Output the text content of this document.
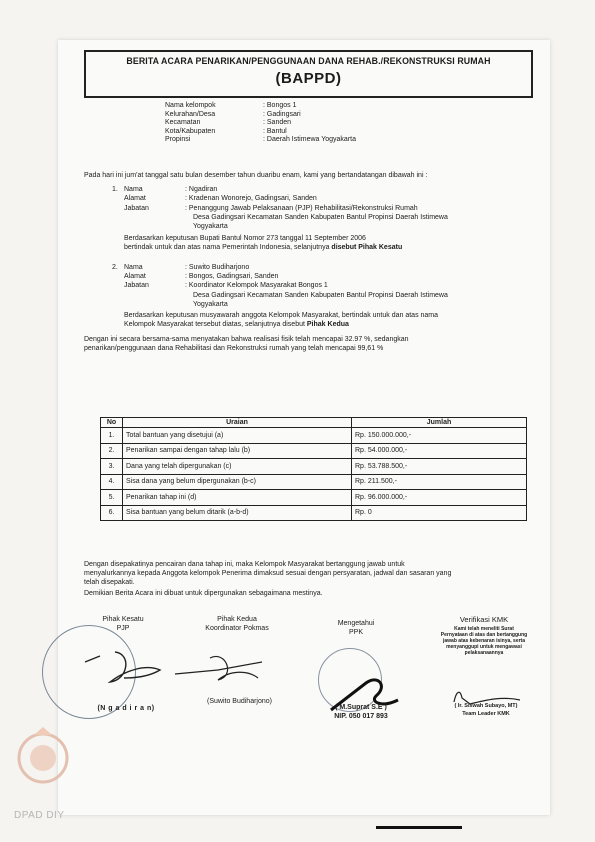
BERITA ACARA PENARIKAN/PENGGUNAAN DANA REHAB./REKONSTRUKSI RUMAH
(BAPPD)
Nama kelompok	: Bongos 1
Kelurahan/Desa	: Gadingsari
Kecamatan	: Sanden
Kota/Kabupaten	: Bantul
Propinsi	: Daerah Istimewa Yogyakarta
Pada hari ini jum'at tanggal satu bulan desember tahun duaribu enam, kami yang bertandatangan dibawah ini :
1. Nama	: Ngadiran
Alamat	: Kradenan Wonorejo, Gadingsari, Sanden
Jabatan	: Penanggung Jawab Pelaksanaan (PJP) Rehabilitasi/Rekonstruksi Rumah
Desa Gadingsari Kecamatan Sanden Kabupaten Bantul Propinsi Daerah Istimewa
Yogyakarta
Berdasarkan keputusan Bupati Bantul Nomor 273 tanggal 11 September 2006
bertindak untuk dan atas nama Pemerintah Indonesia, selanjutnya disebut Pihak Kesatu
2. Nama	: Suwito Budiharjono
Alamat	: Bongos, Gadingsari, Sanden
Jabatan	: Koordinator Kelompok Masyarakat Bongos 1
Desa Gadingsari Kecamatan Sanden Kabupaten Bantul Propinsi Daerah Istimewa
Yogyakarta
Berdasarkan keputusan musyawarah anggota Kelompok Masyarakat, bertindak untuk dan atas nama
Kelompok Masyarakat tersebut diatas, selanjutnya disebut Pihak Kedua
Dengan ini secara bersama-sama menyatakan bahwa realisasi fisik telah mencapai 32.97 %, sedangkan
penarikan/penggunaan dana Rehabilitasi dan Rekonstruksi rumah yang telah mencapai 99,61 %
No	Uraian	Jumlah
1.	Total bantuan yang disetujui (a)	Rp. 150.000.000,-
2.	Penarikan sampai dengan tahap lalu (b)	Rp. 54.000.000,-
3.	Dana yang telah dipergunakan (c)	Rp. 53.788.500,-
4.	Sisa dana yang belum dipergunakan (b-c)	Rp. 211.500,-
5.	Penarikan tahap ini (d)	Rp. 96.000.000,-
6.	Sisa bantuan yang belum ditarik (a-b-d)	Rp. 0
Dengan disepakatinya pencairan dana tahap ini, maka Kelompok Masyarakat bertanggung jawab untuk
menyalurkannya kepada Anggota kelompok Penerima dimaksud sesuai dengan persyaratan, jadwal dan sasaran yang
telah disepakati.
Demikian Berita Acara ini dibuat untuk dipergunakan sebagaimana mestinya.
Pihak Kesatu
PJP
(N g a d i r a n)
Pihak Kedua
Koordinator Pokmas
(Suwito Budiharjono)
Mengetahui
PPK
( M.Suprat S.E )
NIP. 050 017 893
Verifikasi KMK
Kami telah meneliti Surat
Pernyataan di atas dan bertanggung
jawab atas kebenaran isinya, serta
menyanggupi untuk mengawasi
pelaksanaannya
( Ir. Siswah Subayo, MT)
Team Leader KMK
DPAD DIY
